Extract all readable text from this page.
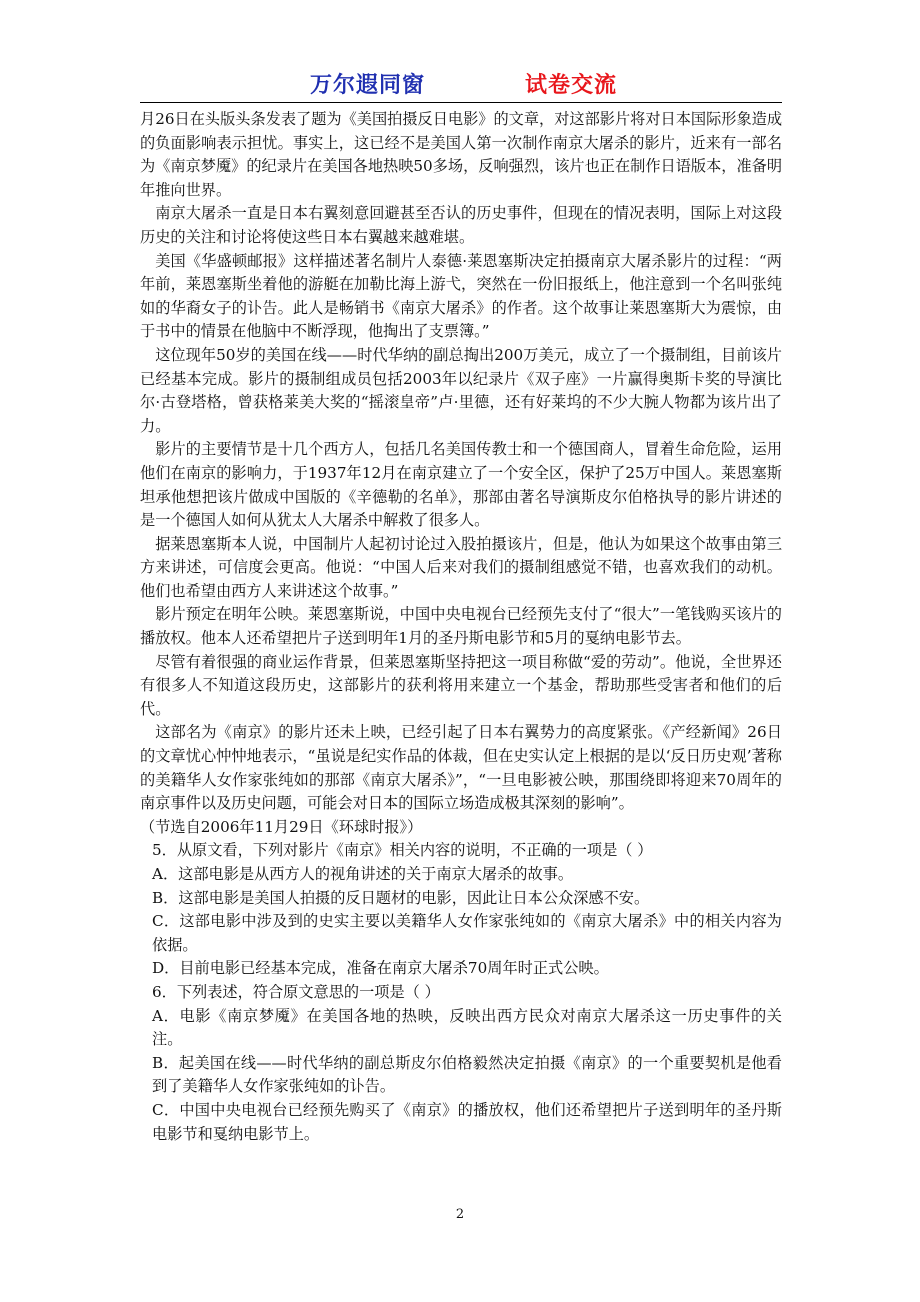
万尔遐同窗	试卷交流

月26日在头版头条发表了题为《美国拍摄反日电影》的文章，对这部影片将对日本国际形象造成的负面影响表示担忧。事实上，这已经不是美国人第一次制作南京大屠杀的影片，近来有一部名为《南京梦魇》的纪录片在美国各地热映50多场，反响强烈，该片也正在制作日语版本，准备明年推向世界。

南京大屠杀一直是日本右翼刻意回避甚至否认的历史事件，但现在的情况表明，国际上对这段历史的关注和讨论将使这些日本右翼越来越难堪。

美国《华盛顿邮报》这样描述著名制片人泰德·莱恩塞斯决定拍摄南京大屠杀影片的过程：“两年前，莱恩塞斯坐着他的游艇在加勒比海上游弋，突然在一份旧报纸上，他注意到一个名叫张纯如的华裔女子的讣告。此人是畅销书《南京大屠杀》的作者。这个故事让莱恩塞斯大为震惊，由于书中的情景在他脑中不断浮现，他掏出了支票簿。”

这位现年50岁的美国在线——时代华纳的副总掏出200万美元，成立了一个摄制组，目前该片已经基本完成。影片的摄制组成员包括2003年以纪录片《双子座》一片赢得奥斯卡奖的导演比尔·古登塔格，曾获格莱美大奖的“摇滚皇帝”卢·里德，还有好莱坞的不少大腕人物都为该片出了力。

影片的主要情节是十几个西方人，包括几名美国传教士和一个德国商人，冒着生命危险，运用他们在南京的影响力，于1937年12月在南京建立了一个安全区，保护了25万中国人。莱恩塞斯坦承他想把该片做成中国版的《辛德勒的名单》，那部由著名导演斯皮尔伯格执导的影片讲述的是一个德国人如何从犹太人大屠杀中解救了很多人。

据莱恩塞斯本人说，中国制片人起初讨论过入股拍摄该片，但是，他认为如果这个故事由第三方来讲述，可信度会更高。他说：“中国人后来对我们的摄制组感觉不错，也喜欢我们的动机。他们也希望由西方人来讲述这个故事。”

影片预定在明年公映。莱恩塞斯说，中国中央电视台已经预先支付了“很大”一笔钱购买该片的播放权。他本人还希望把片子送到明年1月的圣丹斯电影节和5月的戛纳电影节去。

尽管有着很强的商业运作背景，但莱恩塞斯坚持把这一项目称做“爱的劳动”。他说，全世界还有很多人不知道这段历史，这部影片的获利将用来建立一个基金，帮助那些受害者和他们的后代。

这部名为《南京》的影片还未上映，已经引起了日本右翼势力的高度紧张。《产经新闻》26日的文章忧心忡忡地表示，“虽说是纪实作品的体裁，但在史实认定上根据的是以‘反日历史观’著称的美籍华人女作家张纯如的那部《南京大屠杀》”，“一旦电影被公映，那围绕即将迎来70周年的南京事件以及历史问题，可能会对日本的国际立场造成极其深刻的影响”。

（节选自2006年11月29日《环球时报》）

5．从原文看，下列对影片《南京》相关内容的说明，不正确的一项是（ ）

A．这部电影是从西方人的视角讲述的关于南京大屠杀的故事。

B．这部电影是美国人拍摄的反日题材的电影，因此让日本公众深感不安。

C．这部电影中涉及到的史实主要以美籍华人女作家张纯如的《南京大屠杀》中的相关内容为依据。

D．目前电影已经基本完成，准备在南京大屠杀70周年时正式公映。

6．下列表述，符合原文意思的一项是（ ）

A．电影《南京梦魇》在美国各地的热映，反映出西方民众对南京大屠杀这一历史事件的关注。

B．起美国在线——时代华纳的副总斯皮尔伯格毅然决定拍摄《南京》的一个重要契机是他看到了美籍华人女作家张纯如的讣告。

C．中国中央电视台已经预先购买了《南京》的播放权，他们还希望把片子送到明年的圣丹斯电影节和戛纳电影节上。

2
